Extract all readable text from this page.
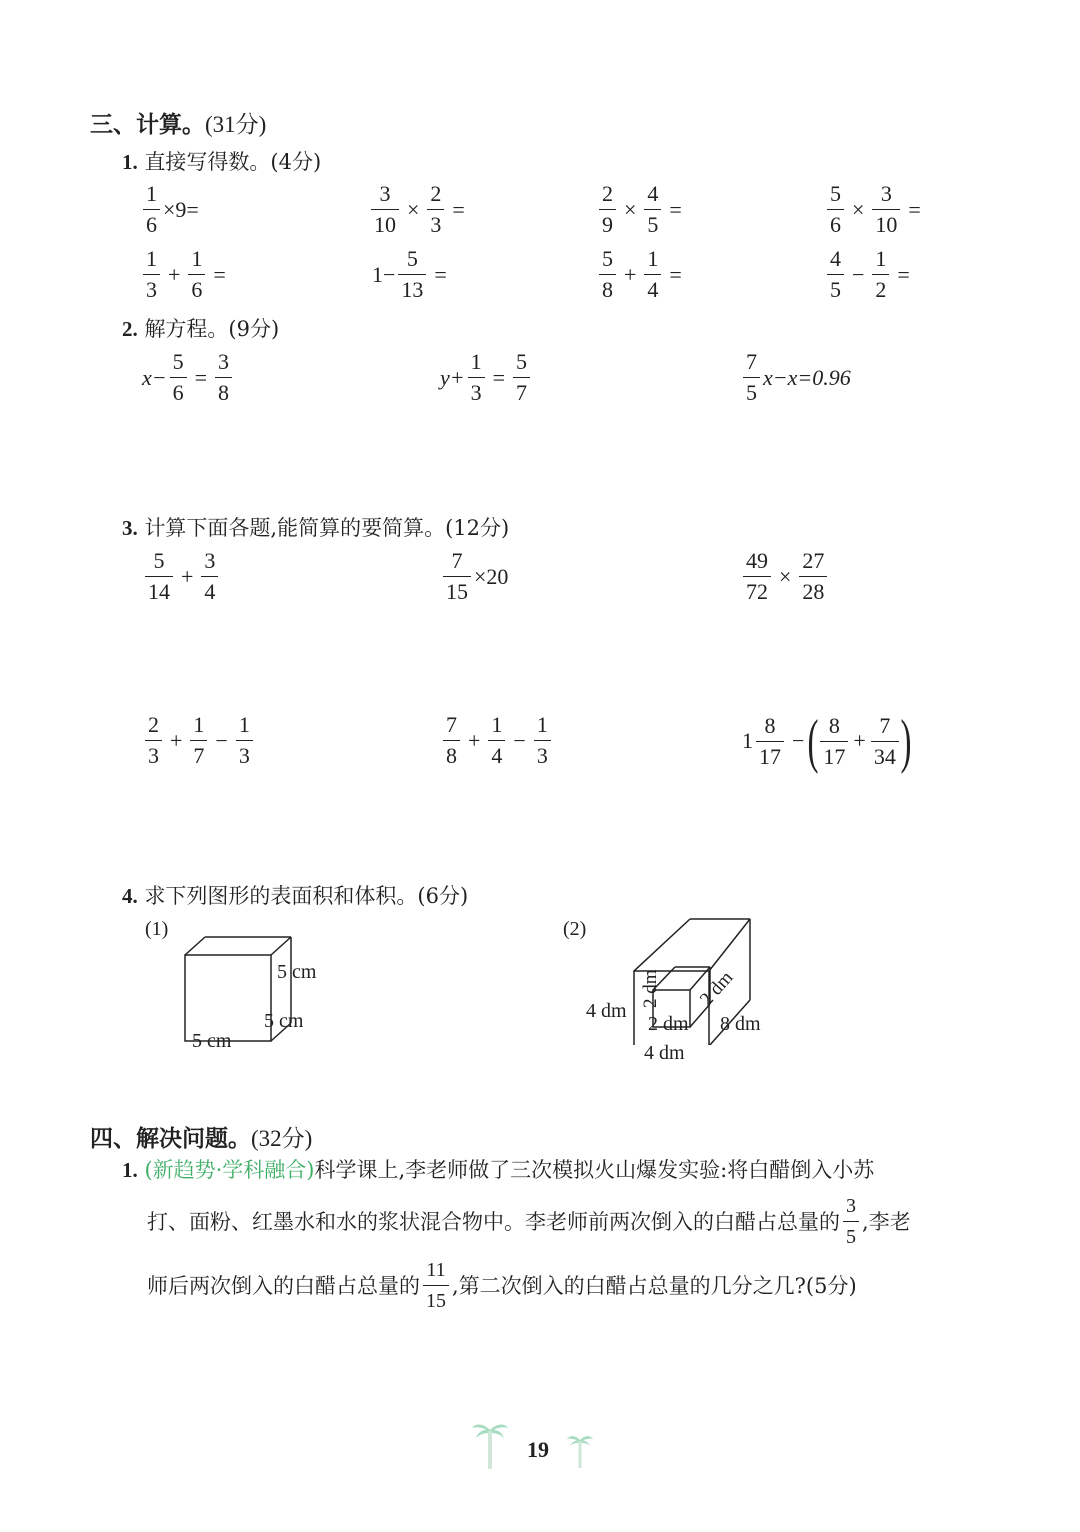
三、计算。(31分)
1. 直接写得数。(4分)
$\frac{1}{6} \times 9=$	$\frac{3}{10} \times \frac{2}{3}$ =	$\frac{2}{9} \times \frac{4}{5}$ =	$\frac{5}{6} \times \frac{3}{10}$ =
$\frac{1}{3} + \frac{1}{6}$ =	$1- \frac{5}{13}$ =	$\frac{5}{8} + \frac{1}{4}$ =	$\frac{4}{5} - \frac{1}{2}$ =
2. 解方程。(9分)
$x- \frac{5}{6} = \frac{3}{8}$	$y+ \frac{1}{3} = \frac{5}{7}$	$\frac{7}{5} x-x=0.96$
3. 计算下面各题,能简算的要简算。(12分)
$\frac{5}{14} + \frac{3}{4}$	$\frac{7}{15} \times 20$	$\frac{49}{72} \times \frac{27}{28}$
$\frac{2}{3} + \frac{1}{7} - \frac{1}{3}$	$\frac{7}{8} + \frac{1}{4} - \frac{1}{3}$	$1 \frac{8}{17}$ − ( $\frac{8}{17} + \frac{7}{34}$ )
4. 求下列图形的表面积和体积。(6分)
(1)
5 cm
5 cm
5 cm
(2)
2 dm 2 dm
4 dm
2 dm 8 dm
4 dm
四、解决问题。(32分)
1. (新趋势·学科融合)科学课上,李老师做了三次模拟火山爆发实验:将白醋倒入小苏
打、面粉、红墨水和水的浆状混合物中。李老师前两次倒入的白醋占总量的 $\frac{3}{5}$ ,李老
师后两次倒入的白醋占总量的 $\frac{11}{15}$ ,第二次倒入的白醋占总量的几分之几?(5分)
19
